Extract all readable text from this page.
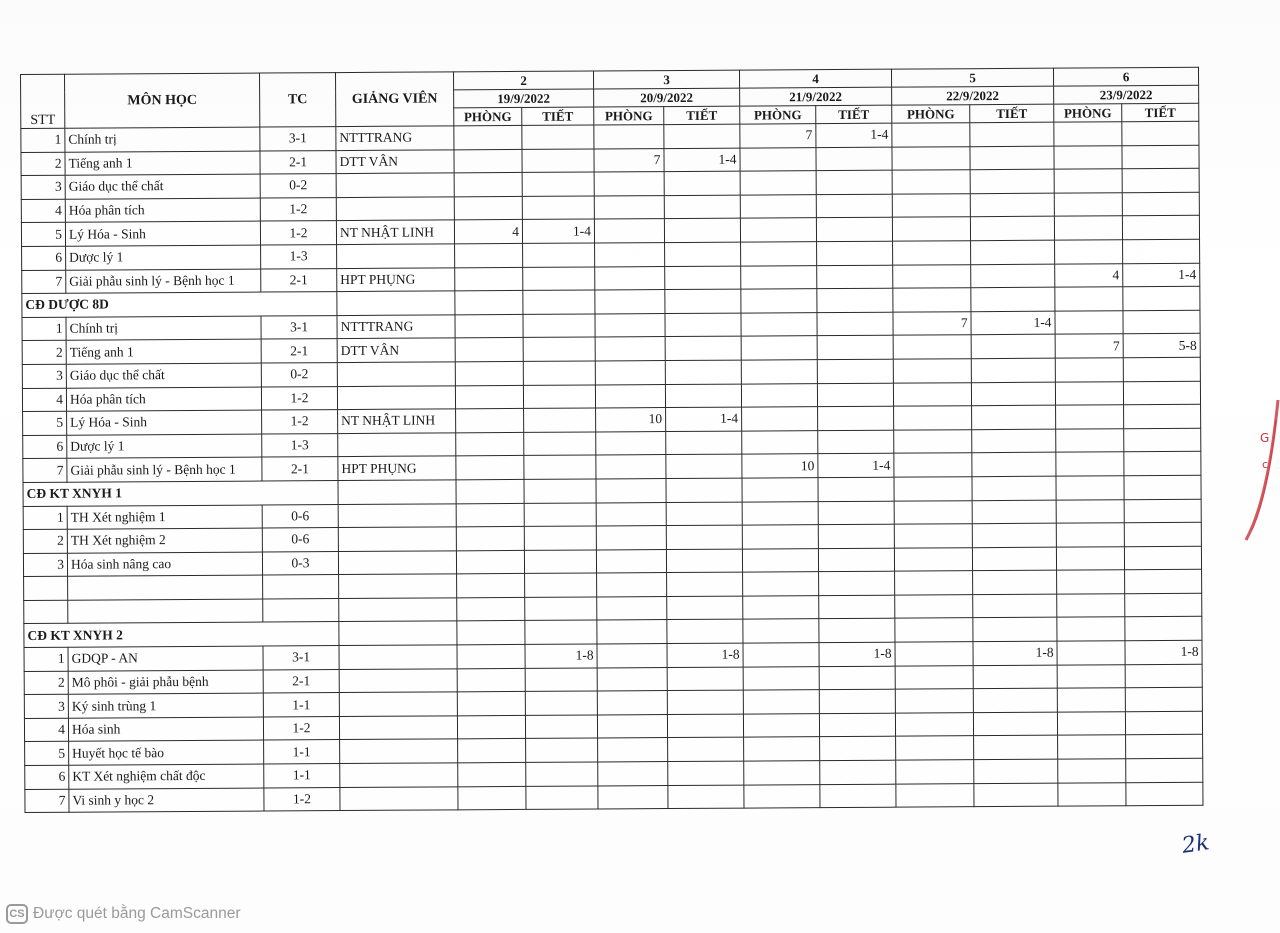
STT	MÔN HỌC	TC	GIẢNG VIÊN	2		3		4		5		6	
				19/9/2022		20/9/2022		21/9/2022		22/9/2022		23/9/2022	
				PHÒNG	TIẾT	PHÒNG	TIẾT	PHÒNG	TIẾT	PHÒNG	TIẾT	PHÒNG	TIẾT
1	Chính trị	3-1	NTTTRANG					7	1-4				
2	Tiếng anh 1	2-1	DTT VÂN			7	1-4						
3	Giáo dục thể chất	0-2											
4	Hóa phân tích	1-2											
5	Lý Hóa - Sinh	1-2	NT NHẬT LINH	4	1-4								
6	Dược lý 1	1-3											
7	Giải phẫu sinh lý - Bệnh học 1	2-1	HPT PHỤNG									4	1-4
CĐ DƯỢC 8D													
1	Chính trị	3-1	NTTTRANG							7	1-4		
2	Tiếng anh 1	2-1	DTT VÂN									7	5-8
3	Giáo dục thể chất	0-2											
4	Hóa phân tích	1-2											
5	Lý Hóa - Sinh	1-2	NT NHẬT LINH			10	1-4						
6	Dược lý 1	1-3											
7	Giải phẫu sinh lý - Bệnh học 1	2-1	HPT PHỤNG					10	1-4				
CĐ KT XNYH 1													
1	TH Xét nghiệm 1	0-6											
2	TH Xét nghiệm 2	0-6											
3	Hóa sinh nâng cao	0-3											

CĐ KT XNYH 2													
1	GDQP - AN	3-1			1-8		1-8		1-8		1-8		1-8
2	Mô phôi - giải phẫu bệnh	2-1											
3	Ký sinh trùng 1	1-1											
4	Hóa sinh	1-2											
5	Huyết học tế bào	1-1											
6	KT Xét nghiệm chất độc	1-1											
7	Vi sinh y học 2	1-2											
2k
G
c
CS Được quét bằng CamScanner
